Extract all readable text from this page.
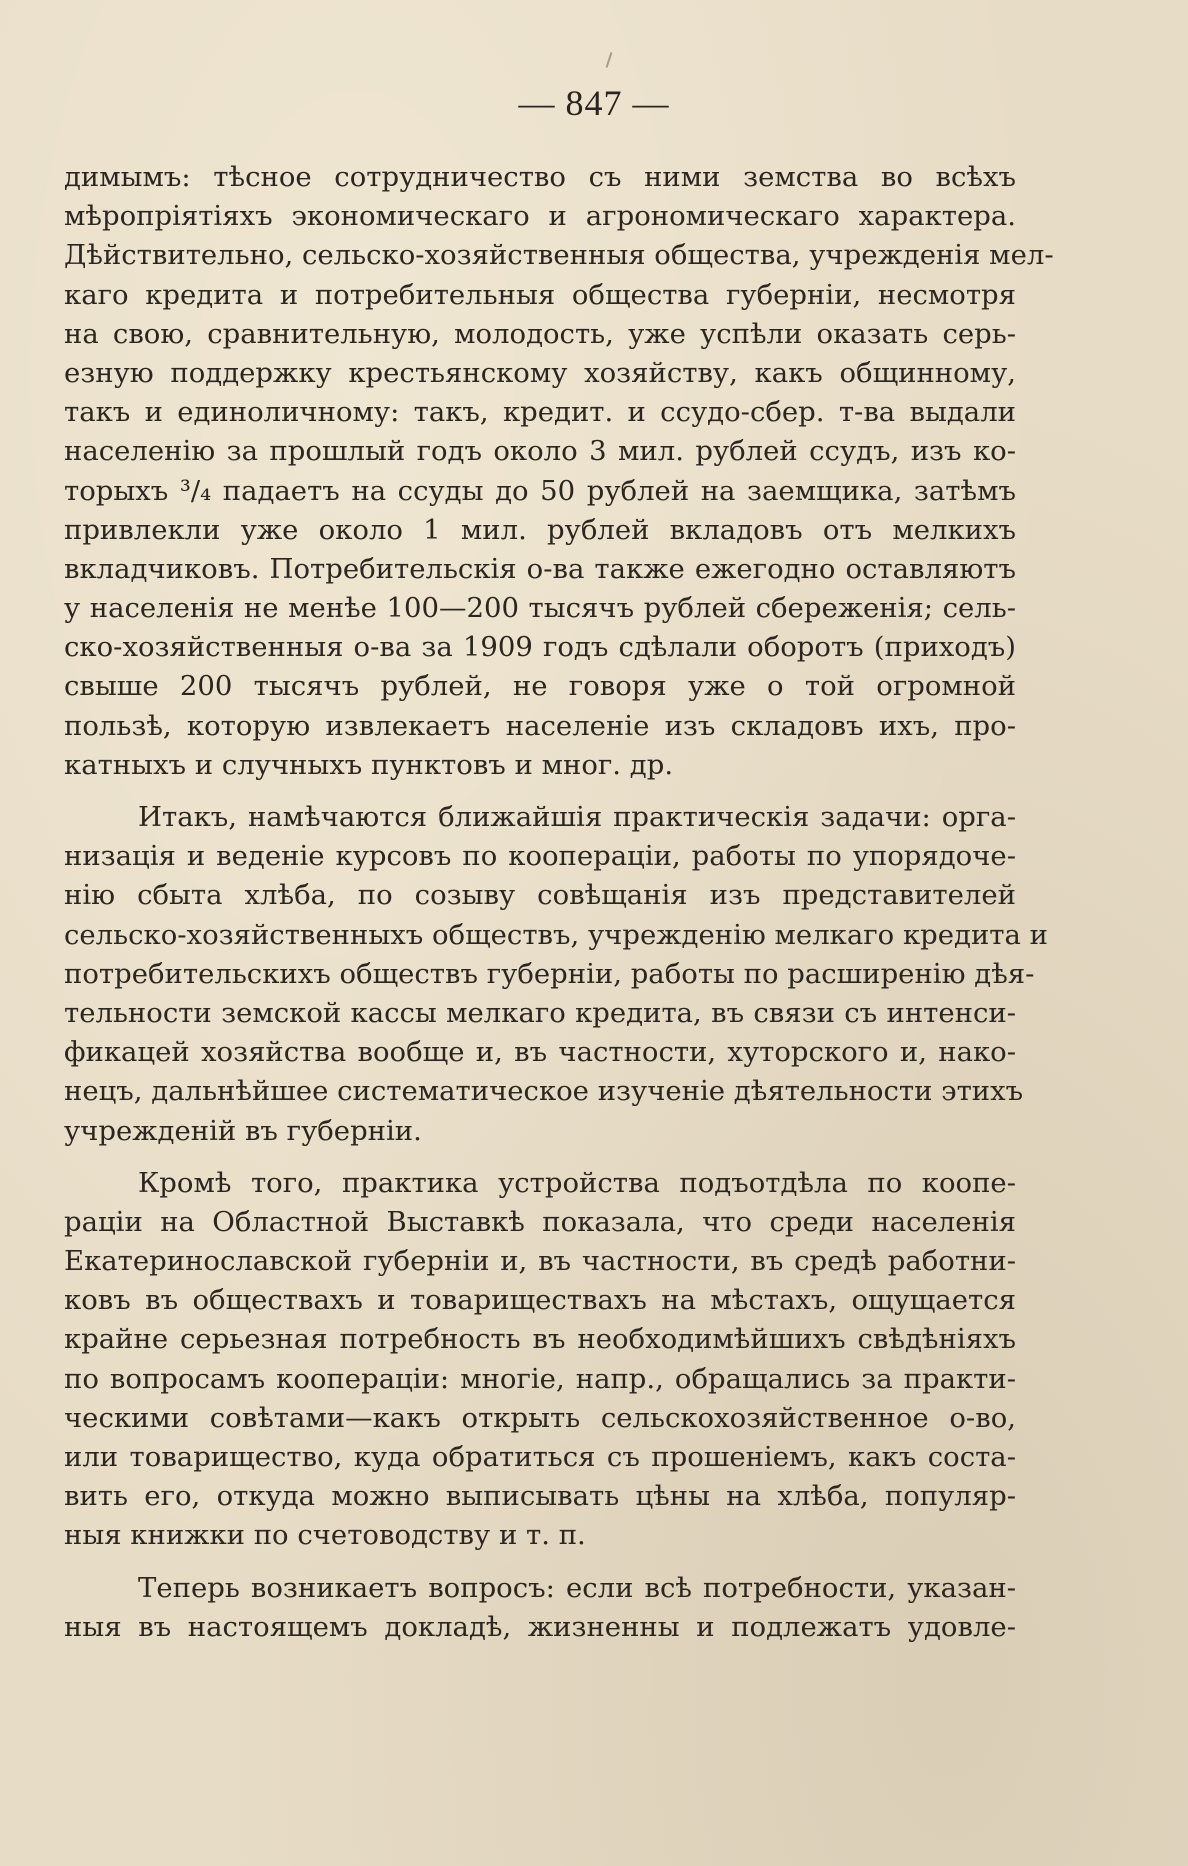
— 847 —
димымъ: тѣсное сотрудничество съ ними земства во всѣхъ
мѣропріятіяхъ экономическаго и агрономическаго характера.
Дѣйствительно, сельско-хозяйственныя общества, учрежденія мел-
каго кредита и потребительныя общества губерніи, несмотря
на свою, сравнительную, молодость, уже успѣли оказать серь-
езную поддержку крестьянскому хозяйству, какъ общинному,
такъ и единоличному: такъ, кредит. и ссудо-сбер. т-ва выдали
населенію за прошлый годъ около 3 мил. рублей ссудъ, изъ ко-
торыхъ ³/₄ падаетъ на ссуды до 50 рублей на заемщика, затѣмъ
привлекли уже около 1 мил. рублей вкладовъ отъ мелкихъ
вкладчиковъ. Потребительскія о-ва также ежегодно оставляютъ
у населенія не менѣе 100—200 тысячъ рублей сбереженія; сель-
ско-хозяйственныя о-ва за 1909 годъ сдѣлали оборотъ (приходъ)
свыше 200 тысячъ рублей, не говоря уже о той огромной
пользѣ, которую извлекаетъ населеніе изъ складовъ ихъ, про-
катныхъ и случныхъ пунктовъ и мног. др.
Итакъ, намѣчаются ближайшія практическія задачи: орга-
низація и веденіе курсовъ по коопераціи, работы по упорядоче-
нію сбыта хлѣба, по созыву совѣщанія изъ представителей
сельско-хозяйственныхъ обществъ, учрежденію мелкаго кредита и
потребительскихъ обществъ губерніи, работы по расширенію дѣя-
тельности земской кассы мелкаго кредита, въ связи съ интенси-
фикацей хозяйства вообще и, въ частности, хуторского и, нако-
нецъ, дальнѣйшее систематическое изученіе дѣятельности этихъ
учрежденій въ губерніи.
Кромѣ того, практика устройства подъотдѣла по коопе-
раціи на Областной Выставкѣ показала, что среди населенія
Екатеринославской губерніи и, въ частности, въ средѣ работни-
ковъ въ обществахъ и товариществахъ на мѣстахъ, ощущается
крайне серьезная потребность въ необходимѣйшихъ свѣдѣніяхъ
по вопросамъ коопераціи: многіе, напр., обращались за практи-
ческими совѣтами—какъ открыть сельскохозяйственное о-во,
или товарищество, куда обратиться съ прошеніемъ, какъ соста-
вить его, откуда можно выписывать цѣны на хлѣба, популяр-
ныя книжки по счетоводству и т. п.
Теперь возникаетъ вопросъ: если всѣ потребности, указан-
ныя въ настоящемъ докладѣ, жизненны и подлежатъ удовле-
